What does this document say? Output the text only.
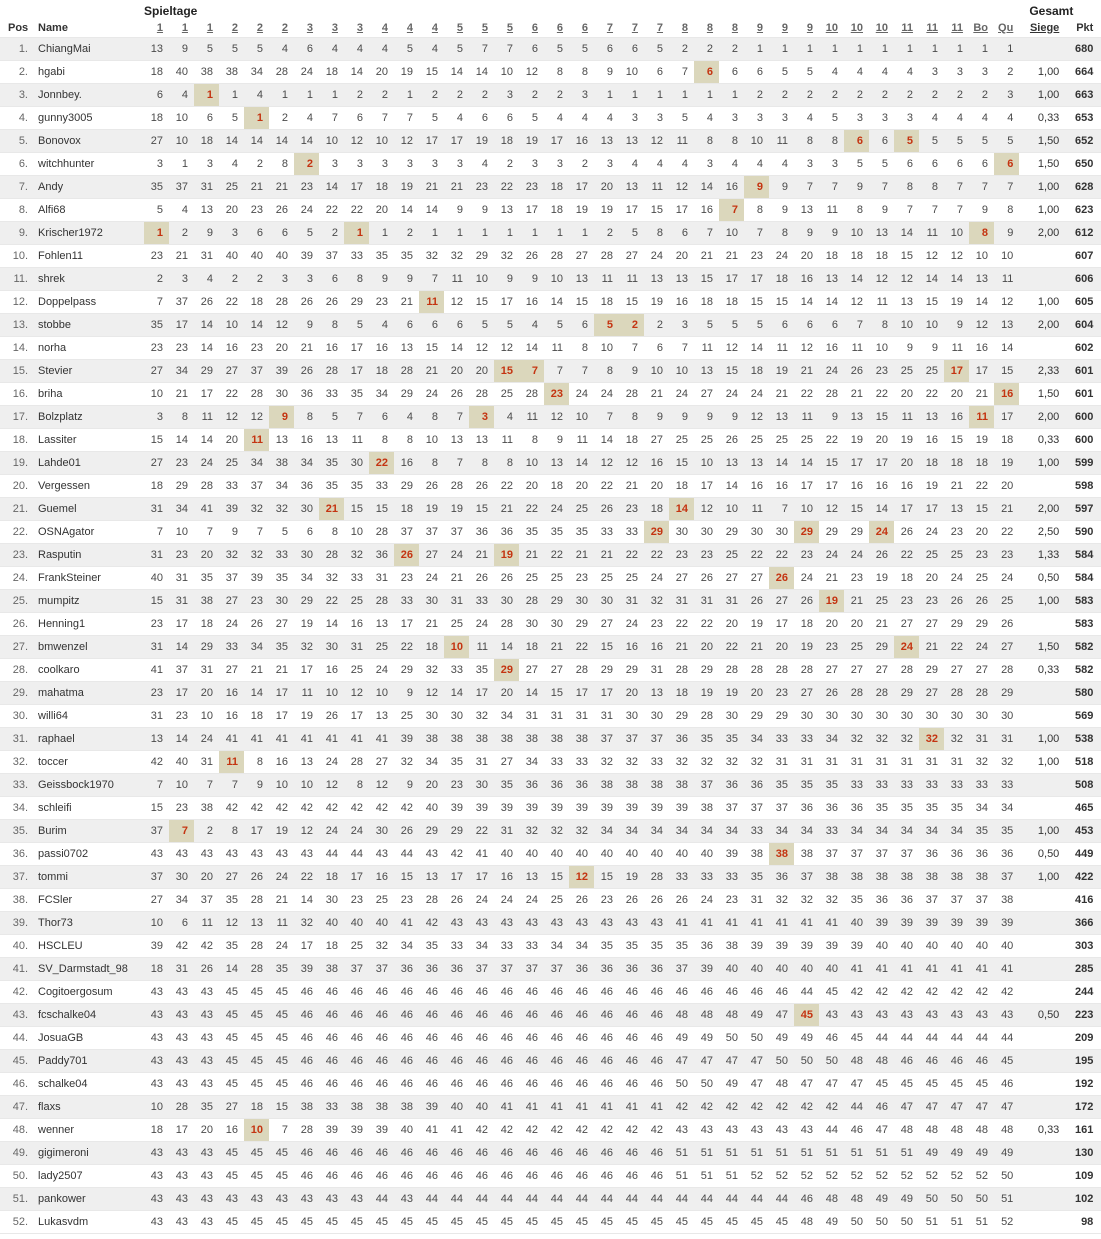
		Spieltage																																			Gesamt	
Pos	Name	1	1	1	2	2	2	3	3	3	4	4	4	5	5	5	6	6	6	7	7	7	8	8	8	9	9	9	10	10	10	11	11	11	Bo	Qu	Siege	Pkt
1.	ChiangMai	13	9	5	5	5	4	6	4	4	4	5	4	5	7	7	6	5	5	6	6	5	2	2	2	1	1	1	1	1	1	1	1	1	1	1		680
2.	hgabi	18	40	38	38	34	28	24	18	14	20	19	15	14	14	10	12	8	8	9	10	6	7	6	6	6	5	5	4	4	4	4	3	3	3	2	1,00	664
3.	Jonnbey.	6	4	1	1	4	1	1	1	2	2	1	2	2	2	3	2	2	3	1	1	1	1	1	1	2	2	2	2	2	2	2	2	2	2	3	1,00	663
4.	gunny3005	18	10	6	5	1	2	4	7	6	7	7	5	4	6	6	5	4	4	4	3	3	5	4	3	3	3	4	5	3	3	3	4	4	4	4	0,33	653
5.	Bonovox	27	10	18	14	14	14	14	10	12	10	12	17	17	19	18	19	17	16	13	13	12	11	8	8	10	11	8	8	6	6	5	5	5	5	5	1,50	652
6.	witchhunter	3	1	3	4	2	8	2	3	3	3	3	3	3	4	2	3	3	2	3	4	4	4	3	4	4	4	3	3	5	5	6	6	6	6	6	1,50	650
7.	Andy	35	37	31	25	21	21	23	14	17	18	19	21	21	23	22	23	18	17	20	13	11	12	14	16	9	9	7	7	9	7	8	8	7	7	7	1,00	628
8.	Alfi68	5	4	13	20	23	26	24	22	22	20	14	14	9	9	13	17	18	19	19	17	15	17	16	7	8	9	13	11	8	9	7	7	7	9	8	1,00	623
9.	Krischer1972	1	2	9	3	6	6	5	2	1	1	2	1	1	1	1	1	1	1	2	5	8	6	7	10	7	8	9	9	10	13	14	11	10	8	9	2,00	612
10.	Fohlen11	23	21	31	40	40	40	39	37	33	35	35	32	32	29	32	26	28	27	28	27	24	20	21	21	23	24	20	18	18	18	15	12	12	10	10		607
11.	shrek	2	3	4	2	2	3	3	6	8	9	9	7	11	10	9	9	10	13	11	11	13	13	15	17	17	18	16	13	14	12	12	14	14	13	11		606
12.	Doppelpass	7	37	26	22	18	28	26	26	29	23	21	11	12	15	17	16	14	15	18	15	19	16	18	18	15	15	14	14	12	11	13	15	19	14	12	1,00	605
13.	stobbe	35	17	14	10	14	12	9	8	5	4	6	6	6	5	5	4	5	6	5	2	2	3	5	5	5	6	6	6	7	8	10	10	9	12	13	2,00	604
14.	norha	23	23	14	16	23	20	21	16	17	16	13	15	14	12	12	14	11	8	10	7	6	7	11	12	14	11	12	16	11	10	9	9	11	16	14		602
15.	Stevier	27	34	29	27	37	39	26	28	17	18	28	21	20	20	15	7	7	7	8	9	10	10	13	15	18	19	21	24	26	23	25	25	17	17	15	2,33	601
16.	briha	10	21	17	22	28	30	36	33	35	34	29	24	26	28	25	28	23	24	24	28	21	24	27	24	24	21	22	28	21	22	20	22	20	21	16	1,50	601
17.	Bolzplatz	3	8	11	12	12	9	8	5	7	6	4	8	7	3	4	11	12	10	7	8	9	9	9	9	12	13	11	9	13	15	11	13	16	11	17	2,00	600
18.	Lassiter	15	14	14	20	11	13	16	13	11	8	8	10	13	13	11	8	9	11	14	18	27	25	25	26	25	25	25	22	19	20	19	16	15	19	18	0,33	600
19.	Lahde01	27	23	24	25	34	38	34	35	30	22	16	8	7	8	8	10	13	14	12	12	16	15	10	13	13	14	14	15	17	17	20	18	18	18	19	1,00	599
20.	Vergessen	18	29	28	33	37	34	36	35	35	33	29	26	28	26	22	20	18	20	22	21	20	18	17	14	16	16	17	17	16	16	16	19	21	22	20		598
21.	Guemel	31	34	41	39	32	32	30	21	15	15	18	19	19	15	21	22	24	25	26	23	18	14	12	10	11	7	10	12	15	14	17	17	13	15	21	2,00	597
22.	OSNAgator	7	10	7	9	7	5	6	8	10	28	37	37	37	36	36	35	35	35	33	33	29	30	30	29	30	30	29	29	29	24	26	24	23	20	22	2,50	590
23.	Rasputin	31	23	20	32	32	33	30	28	32	36	26	27	24	21	19	21	22	21	21	22	22	23	23	25	22	22	23	24	24	26	22	25	25	23	23	1,33	584
24.	FrankSteiner	40	31	35	37	39	35	34	32	33	31	23	24	21	26	26	25	25	23	25	25	24	27	26	27	27	26	24	21	23	19	18	20	24	25	24	0,50	584
25.	mumpitz	15	31	38	27	23	30	29	22	25	28	33	30	31	33	30	28	29	30	30	31	32	31	31	31	26	27	26	19	21	25	23	23	26	26	25	1,00	583
26.	Henning1	23	17	18	24	26	27	19	14	16	13	17	21	25	24	28	30	30	29	27	24	23	22	22	20	19	17	18	20	20	21	27	27	29	29	26		583
27.	bmwenzel	31	14	29	33	34	35	32	30	31	25	22	18	10	11	14	18	21	22	15	16	16	21	20	22	21	20	19	23	25	29	24	21	22	24	27	1,50	582
28.	coolkaro	41	37	31	27	21	21	17	16	25	24	29	32	33	35	29	27	27	28	29	29	31	28	29	28	28	28	28	27	27	27	28	29	27	27	28	0,33	582
29.	mahatma	23	17	20	16	14	17	11	10	12	10	9	12	14	17	20	14	15	17	17	20	13	18	19	19	20	23	27	26	28	28	29	27	28	28	29		580
30.	willi64	31	23	10	16	18	17	19	26	17	13	25	30	30	32	34	31	31	31	31	30	30	29	28	30	29	29	30	30	30	30	30	30	30	30	30		569
31.	raphael	13	14	24	41	41	41	41	41	41	41	39	38	38	38	38	38	38	38	37	37	37	36	35	35	34	33	33	34	32	32	32	32	32	31	31	1,00	538
32.	toccer	42	40	31	11	8	16	13	24	28	27	32	34	35	31	27	34	33	33	32	32	33	32	32	32	32	31	31	31	31	31	31	31	31	32	32	1,00	518
33.	Geissbock1970	7	10	7	7	9	10	10	12	8	12	9	20	23	30	35	36	36	36	38	38	38	38	37	36	36	35	35	35	33	33	33	33	33	33	33		508
34.	schleifi	15	23	38	42	42	42	42	42	42	42	42	40	39	39	39	39	39	39	39	39	39	39	38	37	37	37	36	36	36	35	35	35	35	34	34		465
35.	Burim	37	7	2	8	17	19	12	24	24	30	26	29	29	22	31	32	32	32	34	34	34	34	34	34	33	34	34	33	34	34	34	34	34	35	35	1,00	453
36.	passi0702	43	43	43	43	43	43	43	44	44	43	44	43	42	41	40	40	40	40	40	40	40	40	40	39	38	38	38	37	37	37	37	36	36	36	36	0,50	449
37.	tommi	37	30	20	27	26	24	22	18	17	16	15	13	17	17	16	13	15	12	15	19	28	33	33	33	35	36	37	38	38	38	38	38	38	38	37	1,00	422
38.	FCSler	27	34	37	35	28	21	14	30	23	25	23	28	26	24	24	24	25	26	23	26	26	26	24	23	31	32	32	32	35	36	36	37	37	37	38		416
39.	Thor73	10	6	11	12	13	11	32	40	40	40	41	42	43	43	43	43	43	43	43	43	43	41	41	41	41	41	41	41	40	39	39	39	39	39	39		366
40.	HSCLEU	39	42	42	35	28	24	17	18	25	32	34	35	33	34	33	33	34	34	35	35	35	35	36	38	39	39	39	39	39	40	40	40	40	40	40		303
41.	SV_Darmstadt_98	18	31	26	14	28	35	39	38	37	37	36	36	36	37	37	37	37	36	36	36	36	37	39	40	40	40	40	40	41	41	41	41	41	41	41		285
42.	Cogitoergosum	43	43	43	45	45	45	46	46	46	46	46	46	46	46	46	46	46	46	46	46	46	46	46	46	46	46	44	45	42	42	42	42	42	42	42		244
43.	fcschalke04	43	43	43	45	45	45	46	46	46	46	46	46	46	46	46	46	46	46	46	46	46	48	48	48	49	47	45	43	43	43	43	43	43	43	43	0,50	223
44.	JosuaGB	43	43	43	45	45	45	46	46	46	46	46	46	46	46	46	46	46	46	46	46	46	49	49	50	50	49	49	46	45	44	44	44	44	44	44		209
45.	Paddy701	43	43	43	45	45	45	46	46	46	46	46	46	46	46	46	46	46	46	46	46	46	47	47	47	47	50	50	50	48	48	46	46	46	46	45		195
46.	schalke04	43	43	43	45	45	45	46	46	46	46	46	46	46	46	46	46	46	46	46	46	46	50	50	49	47	48	47	47	47	45	45	45	45	45	46		192
47.	flaxs	10	28	35	27	18	15	38	33	38	38	38	39	40	40	41	41	41	41	41	41	41	42	42	42	42	42	42	42	44	46	47	47	47	47	47		172
48.	wenner	18	17	20	16	10	7	28	39	39	39	40	41	41	42	42	42	42	42	42	42	42	43	43	43	43	43	43	44	46	47	48	48	48	48	48	0,33	161
49.	gigimeroni	43	43	43	45	45	45	46	46	46	46	46	46	46	46	46	46	46	46	46	46	46	51	51	51	51	51	51	51	51	51	51	49	49	49	49		130
50.	lady2507	43	43	43	45	45	45	46	46	46	46	46	46	46	46	46	46	46	46	46	46	46	51	51	51	52	52	52	52	52	52	52	52	52	52	50		109
51.	pankower	43	43	43	43	43	43	43	43	43	44	43	44	44	44	44	44	44	44	44	44	44	44	44	44	44	44	46	48	48	49	49	50	50	50	51		102
52.	Lukasvdm	43	43	43	45	45	45	45	45	45	45	45	45	45	45	45	45	45	45	45	45	45	45	45	45	45	45	48	49	50	50	50	51	51	51	52		98
